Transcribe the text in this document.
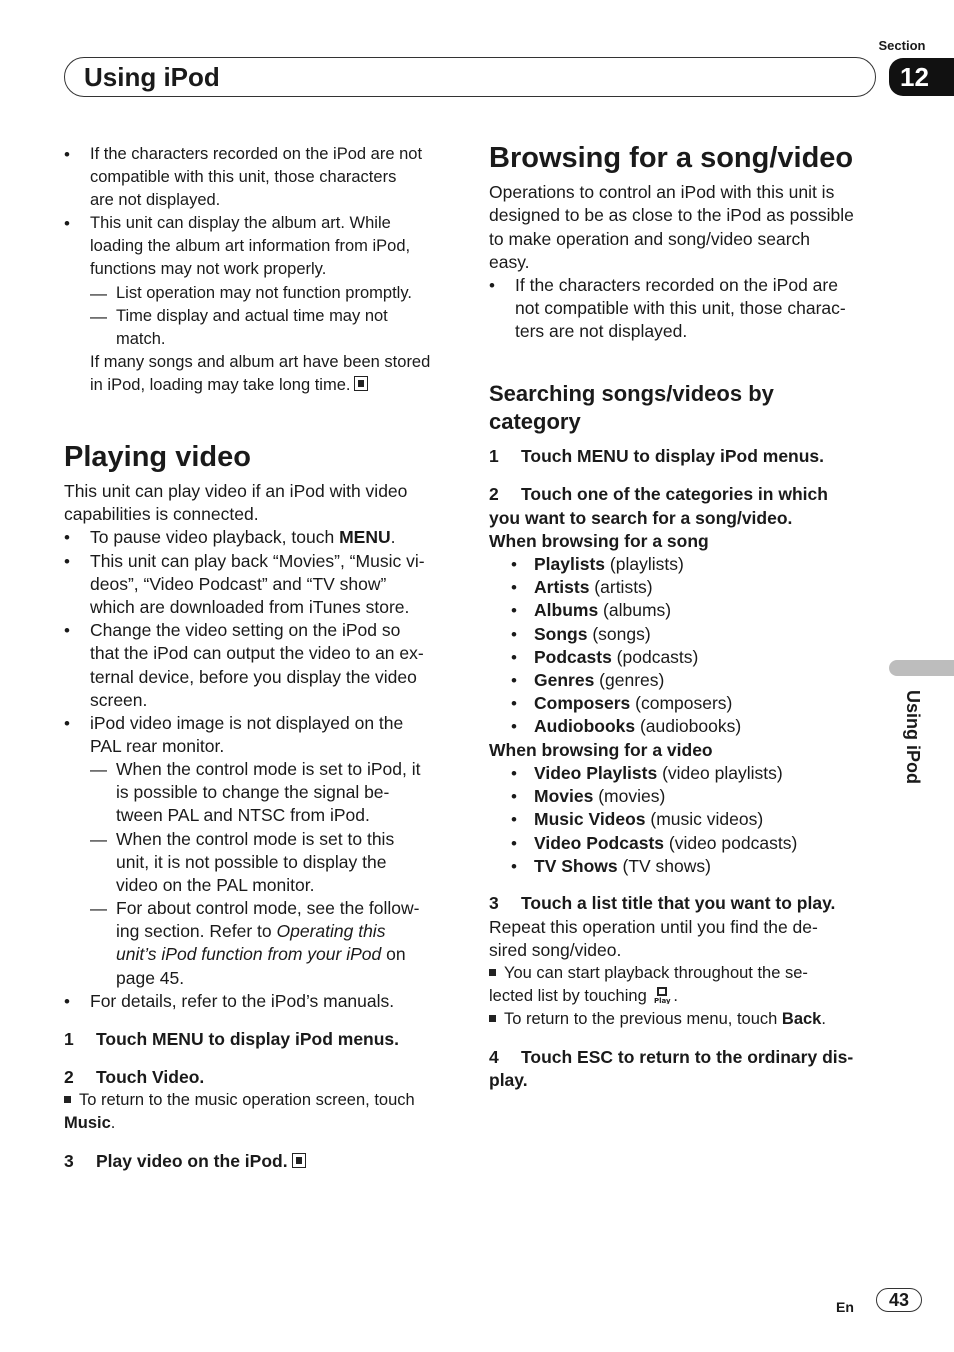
Section
12
Using iPod
Using iPod
• If the characters recorded on the iPod are not
compatible with this unit, those characters
are not displayed.
• This unit can display the album art. While
loading the album art information from iPod,
functions may not work properly.
— List operation may not function promptly.
— Time display and actual time may not
match.
If many songs and album art have been stored
in iPod, loading may take long time.
Playing video
This unit can play video if an iPod with video
capabilities is connected.
• To pause video playback, touch MENU.
• This unit can play back “Movies”, “Music vi-
deos”, “Video Podcast” and “TV show”
which are downloaded from iTunes store.
• Change the video setting on the iPod so
that the iPod can output the video to an ex-
ternal device, before you display the video
screen.
• iPod video image is not displayed on the
PAL rear monitor.
— When the control mode is set to iPod, it
is possible to change the signal be-
tween PAL and NTSC from iPod.
— When the control mode is set to this
unit, it is not possible to display the
video on the PAL monitor.
— For about control mode, see the follow-
ing section. Refer to Operating this
unit’s iPod function from your iPod on
page 45.
• For details, refer to the iPod’s manuals.
1 Touch MENU to display iPod menus.
2 Touch Video.
To return to the music operation screen, touch
Music.
3 Play video on the iPod.
Browsing for a song/video
Operations to control an iPod with this unit is
designed to be as close to the iPod as possible
to make operation and song/video search
easy.
• If the characters recorded on the iPod are
not compatible with this unit, those charac-
ters are not displayed.
Searching songs/videos by
category
1 Touch MENU to display iPod menus.
2 Touch one of the categories in which
you want to search for a song/video.
When browsing for a song
• Playlists (playlists)
• Artists (artists)
• Albums (albums)
• Songs (songs)
• Podcasts (podcasts)
• Genres (genres)
• Composers (composers)
• Audiobooks (audiobooks)
When browsing for a video
• Video Playlists (video playlists)
• Movies (movies)
• Music Videos (music videos)
• Video Podcasts (video podcasts)
• TV Shows (TV shows)
3 Touch a list title that you want to play.
Repeat this operation until you find the de-
sired song/video.
You can start playback throughout the se-
lected list by touching Play .
To return to the previous menu, touch Back.
4 Touch ESC to return to the ordinary dis-
play.
En	43
